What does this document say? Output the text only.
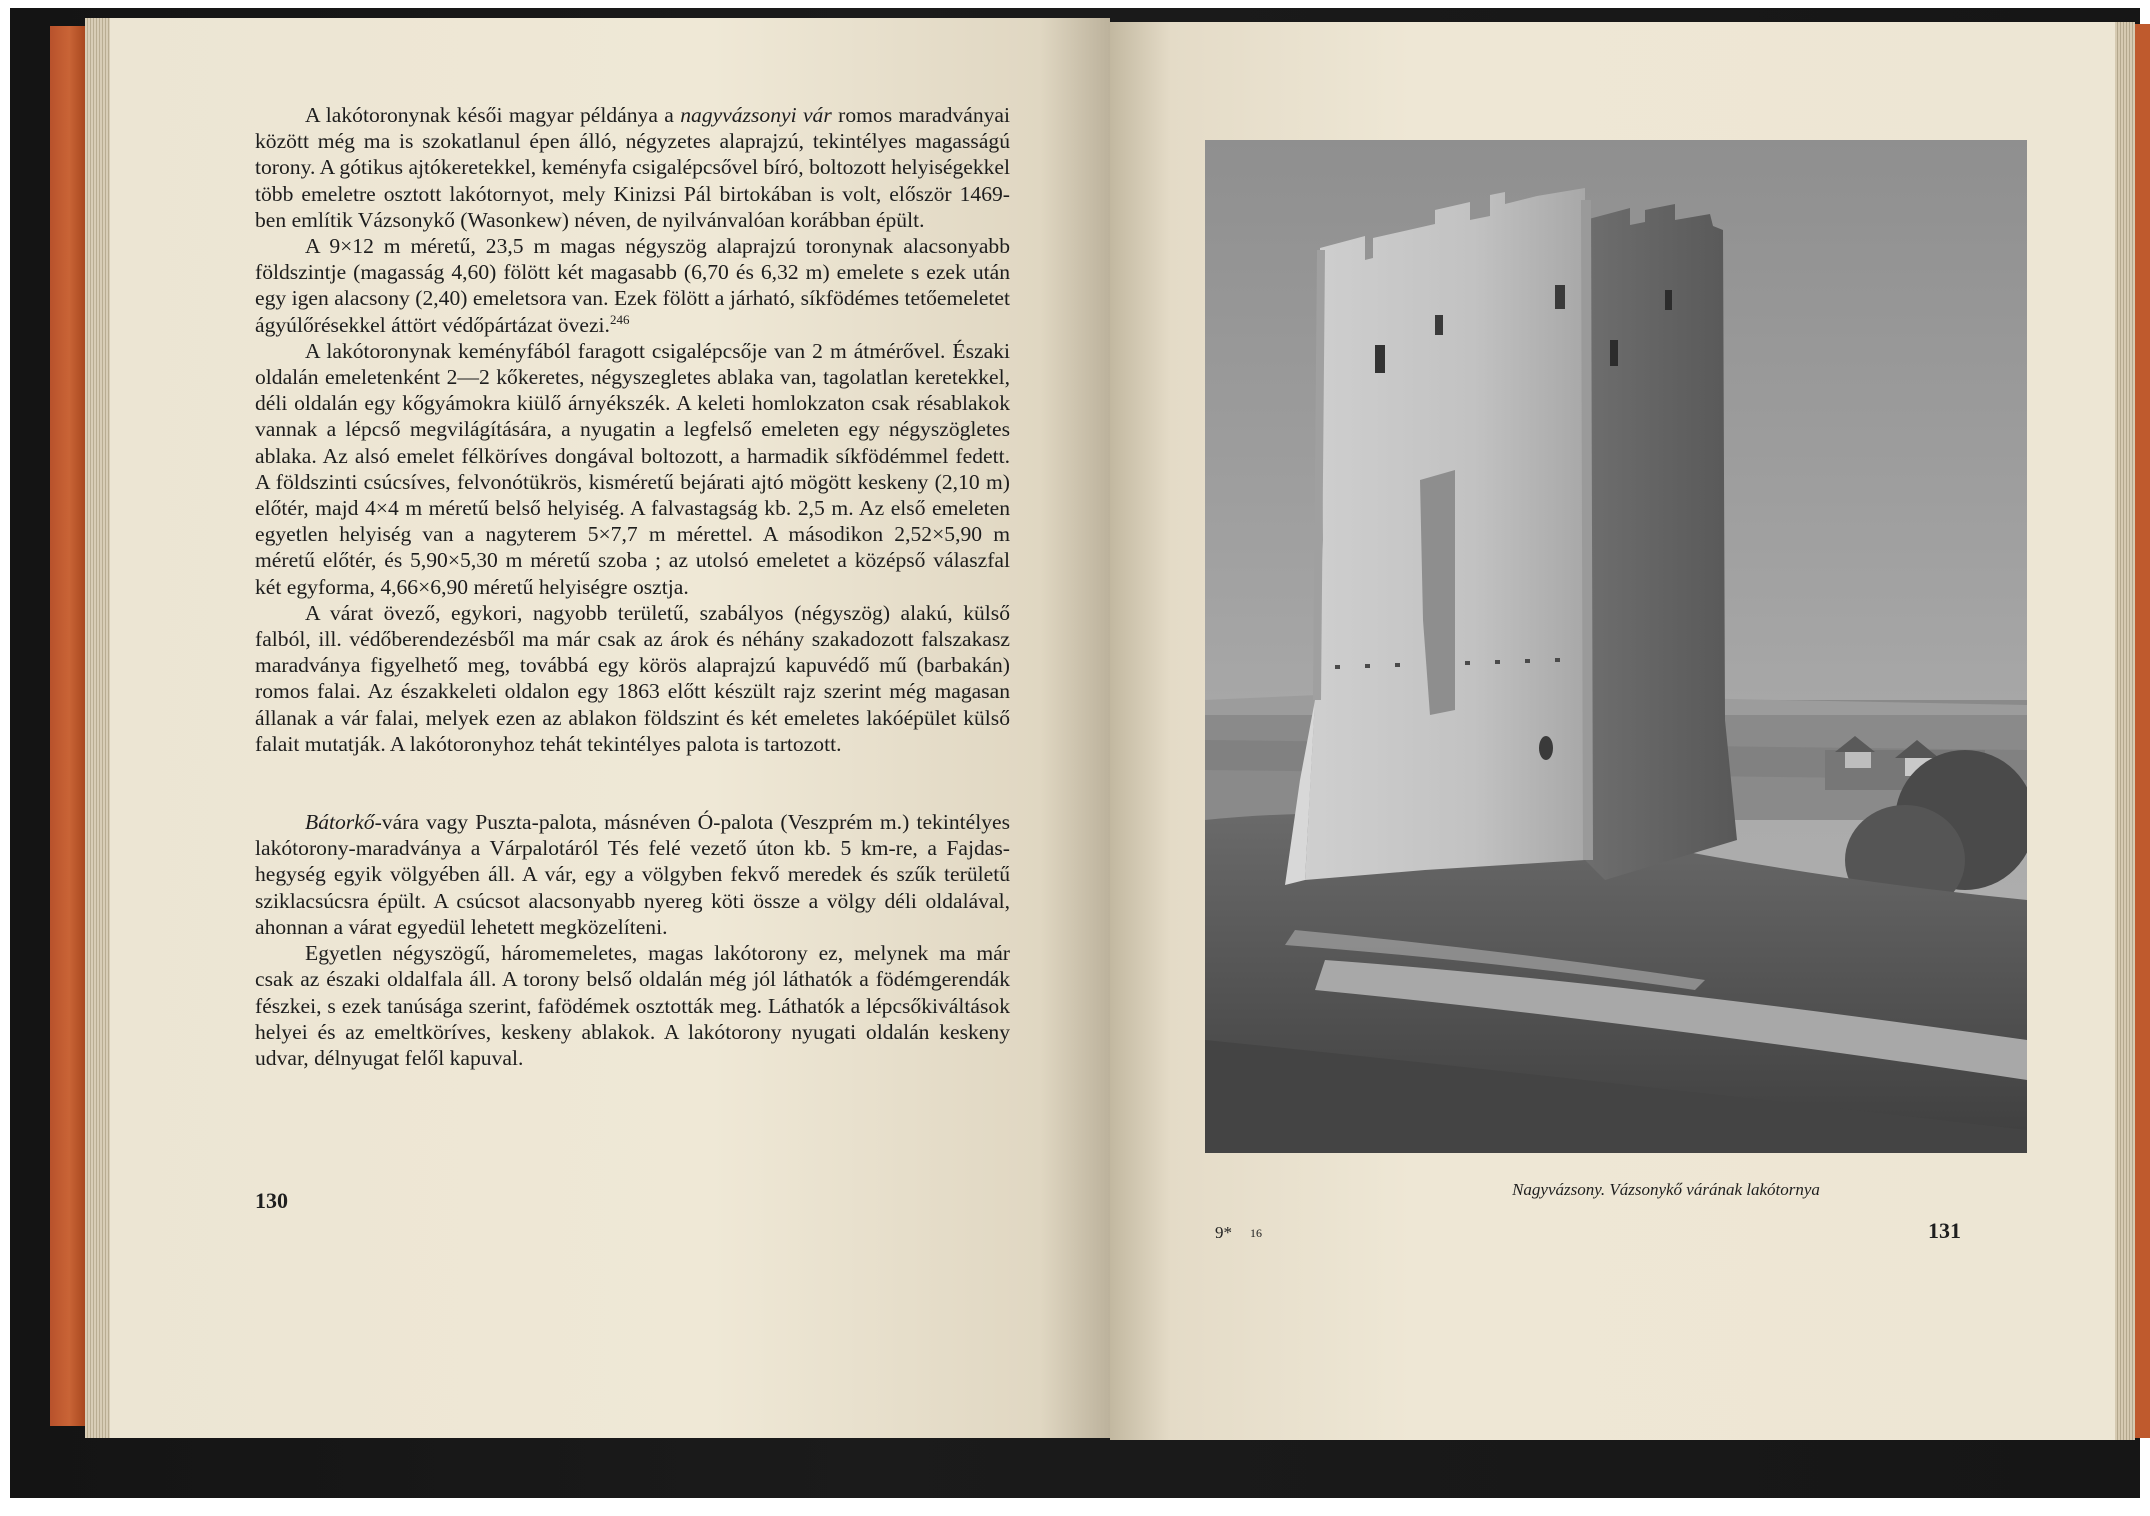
A lakótoronynak késői magyar példánya a nagyvázsonyi vár romos maradványai között még ma is szokatlanul épen álló, négyzetes alaprajzú, tekintélyes magasságú torony. A gótikus ajtókeretekkel, keményfa csigalépcsővel bíró, boltozott helyiségekkel több emeletre osztott lakótornyot, mely Kinizsi Pál birtokában is volt, először 1469-ben említik Vázsonykő (Wasonkew) néven, de nyilvánvalóan korábban épült.

A 9×12 m méretű, 23,5 m magas négyszög alaprajzú toronynak alacsonyabb földszintje (magasság 4,60) fölött két magasabb (6,70 és 6,32 m) emelete s ezek után egy igen alacsony (2,40) emeletsora van. Ezek fölött a járható, síkfödémes tetőemeletet ágyúlőrésekkel áttört védőpártázat övezi.$^{246}$

A lakótoronynak keményfából faragott csigalépcsője van 2 m átmérővel. Északi oldalán emeletenként 2—2 kőkeretes, négyszegletes ablaka van, tagolatlan keretekkel, déli oldalán egy kőgyámokra kiülő árnyékszék. A keleti homlokzaton csak résablakok vannak a lépcső megvilágítására, a nyugatin a legfelső emeleten egy négyszögletes ablaka. Az alsó emelet félköríves dongával boltozott, a harmadik síkfödémmel fedett. A földszinti csúcsíves, felvonótükrös, kisméretű bejárati ajtó mögött keskeny (2,10 m) előtér, majd 4×4 m méretű belső helyiség. A falvastagság kb. 2,5 m. Az első emeleten egyetlen helyiség van a nagyterem 5×7,7 m mérettel. A másodikon 2,52×5,90 m méretű előtér, és 5,90×5,30 m méretű szoba ; az utolsó emeletet a középső válaszfal két egyforma, 4,66×6,90 méretű helyiségre osztja.

A várat övező, egykori, nagyobb területű, szabályos (négyszög) alakú, külső falból, ill. védőberendezésből ma már csak az árok és néhány szakadozott falszakasz maradványa figyelhető meg, továbbá egy körös alaprajzú kapuvédő mű (barbakán) romos falai. Az északkeleti oldalon egy 1863 előtt készült rajz szerint még magasan állanak a vár falai, melyek ezen az ablakon földszint és két emeletes lakóépület külső falait mutatják. A lakótoronyhoz tehát tekintélyes palota is tartozott.

Bátorkő-vára vagy Puszta-palota, másnéven Ó-palota (Veszprém m.) tekintélyes lakótorony-maradványa a Várpalotáról Tés felé vezető úton kb. 5 km-re, a Fajdas-hegység egyik völgyében áll. A vár, egy a völgyben fekvő meredek és szűk területű sziklacsúcsra épült. A csúcsot alacsonyabb nyereg köti össze a völgy déli oldalával, ahonnan a várat egyedül lehetett megközelíteni.

Egyetlen négyszögű, háromemeletes, magas lakótorony ez, melynek ma már csak az északi oldalfala áll. A torony belső oldalán még jól láthatók a födémgerendák fészkei, s ezek tanúsága szerint, fafödémek osztották meg. Láthatók a lépcsőkiváltások helyei és az emeltköríves, keskeny ablakok. A lakótorony nyugati oldalán keskeny udvar, délnyugat felől kapuval.

130	Nagyvázsony. Vázsonykő várának lakótornya
9* 16	131
